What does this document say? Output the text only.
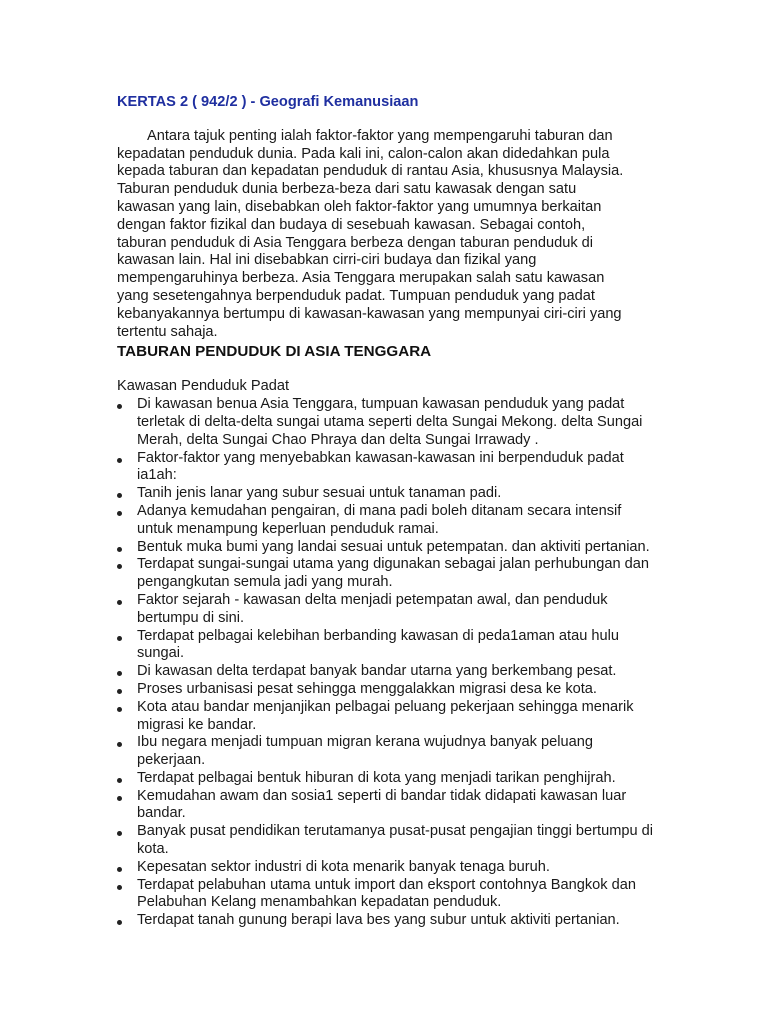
KERTAS 2 ( 942/2 ) - Geografi Kemanusiaan

Antara tajuk penting ialah faktor-faktor yang mempengaruhi taburan dan kepadatan penduduk dunia. Pada kali ini, calon-calon akan didedahkan pula kepada taburan dan kepadatan penduduk di rantau Asia, khususnya Malaysia. Taburan penduduk dunia berbeza-beza dari satu kawasak dengan satu kawasan yang lain, disebabkan oleh faktor-faktor yang umumnya berkaitan dengan faktor fizikal dan budaya di sesebuah kawasan. Sebagai contoh, taburan penduduk di Asia Tenggara berbeza dengan taburan penduduk di kawasan lain. Hal ini disebabkan cirri-ciri budaya dan fizikal yang mempengaruhinya berbeza. Asia Tenggara merupakan salah satu kawasan yang sesetengahnya berpenduduk padat. Tumpuan penduduk yang padat kebanyakannya bertumpu di kawasan-kawasan yang mempunyai ciri-ciri yang tertentu sahaja.

TABURAN PENDUDUK DI ASIA TENGGARA

Kawasan Penduduk Padat

Di kawasan benua Asia Tenggara, tumpuan kawasan penduduk yang padat terletak di delta-delta sungai utama seperti delta Sungai Mekong. delta Sungai Merah, delta Sungai Chao Phraya dan delta Sungai Irrawady .
Faktor-faktor yang menyebabkan kawasan-kawasan ini berpenduduk padat ia1ah:
Tanih jenis lanar yang subur sesuai untuk tanaman padi.
Adanya kemudahan pengairan, di mana padi boleh ditanam secara intensif untuk menampung keperluan penduduk ramai.
Bentuk muka bumi yang landai sesuai untuk petempatan. dan aktiviti pertanian.
Terdapat sungai-sungai utama yang digunakan sebagai jalan perhubungan dan pengangkutan semula jadi yang murah.
Faktor sejarah - kawasan delta menjadi petempatan awal, dan penduduk bertumpu di sini.
Terdapat pelbagai kelebihan berbanding kawasan di peda1aman atau hulu sungai.
Di kawasan delta terdapat banyak bandar utarna yang berkembang pesat.
Proses urbanisasi pesat sehingga menggalakkan migrasi desa ke kota.
Kota atau bandar menjanjikan pelbagai peluang pekerjaan sehingga menarik migrasi ke bandar.
Ibu negara menjadi tumpuan migran kerana wujudnya banyak peluang pekerjaan.
Terdapat pelbagai bentuk hiburan di kota yang menjadi tarikan penghijrah.
Kemudahan awam dan sosia1 seperti di bandar tidak didapati kawasan luar bandar.
Banyak pusat pendidikan terutamanya pusat-pusat pengajian tinggi bertumpu di kota.
Kepesatan sektor industri di kota menarik banyak tenaga buruh.
Terdapat pelabuhan utama untuk import dan eksport contohnya Bangkok dan Pelabuhan Kelang menambahkan kepadatan penduduk.
Terdapat tanah gunung berapi lava bes yang subur untuk aktiviti pertanian.
